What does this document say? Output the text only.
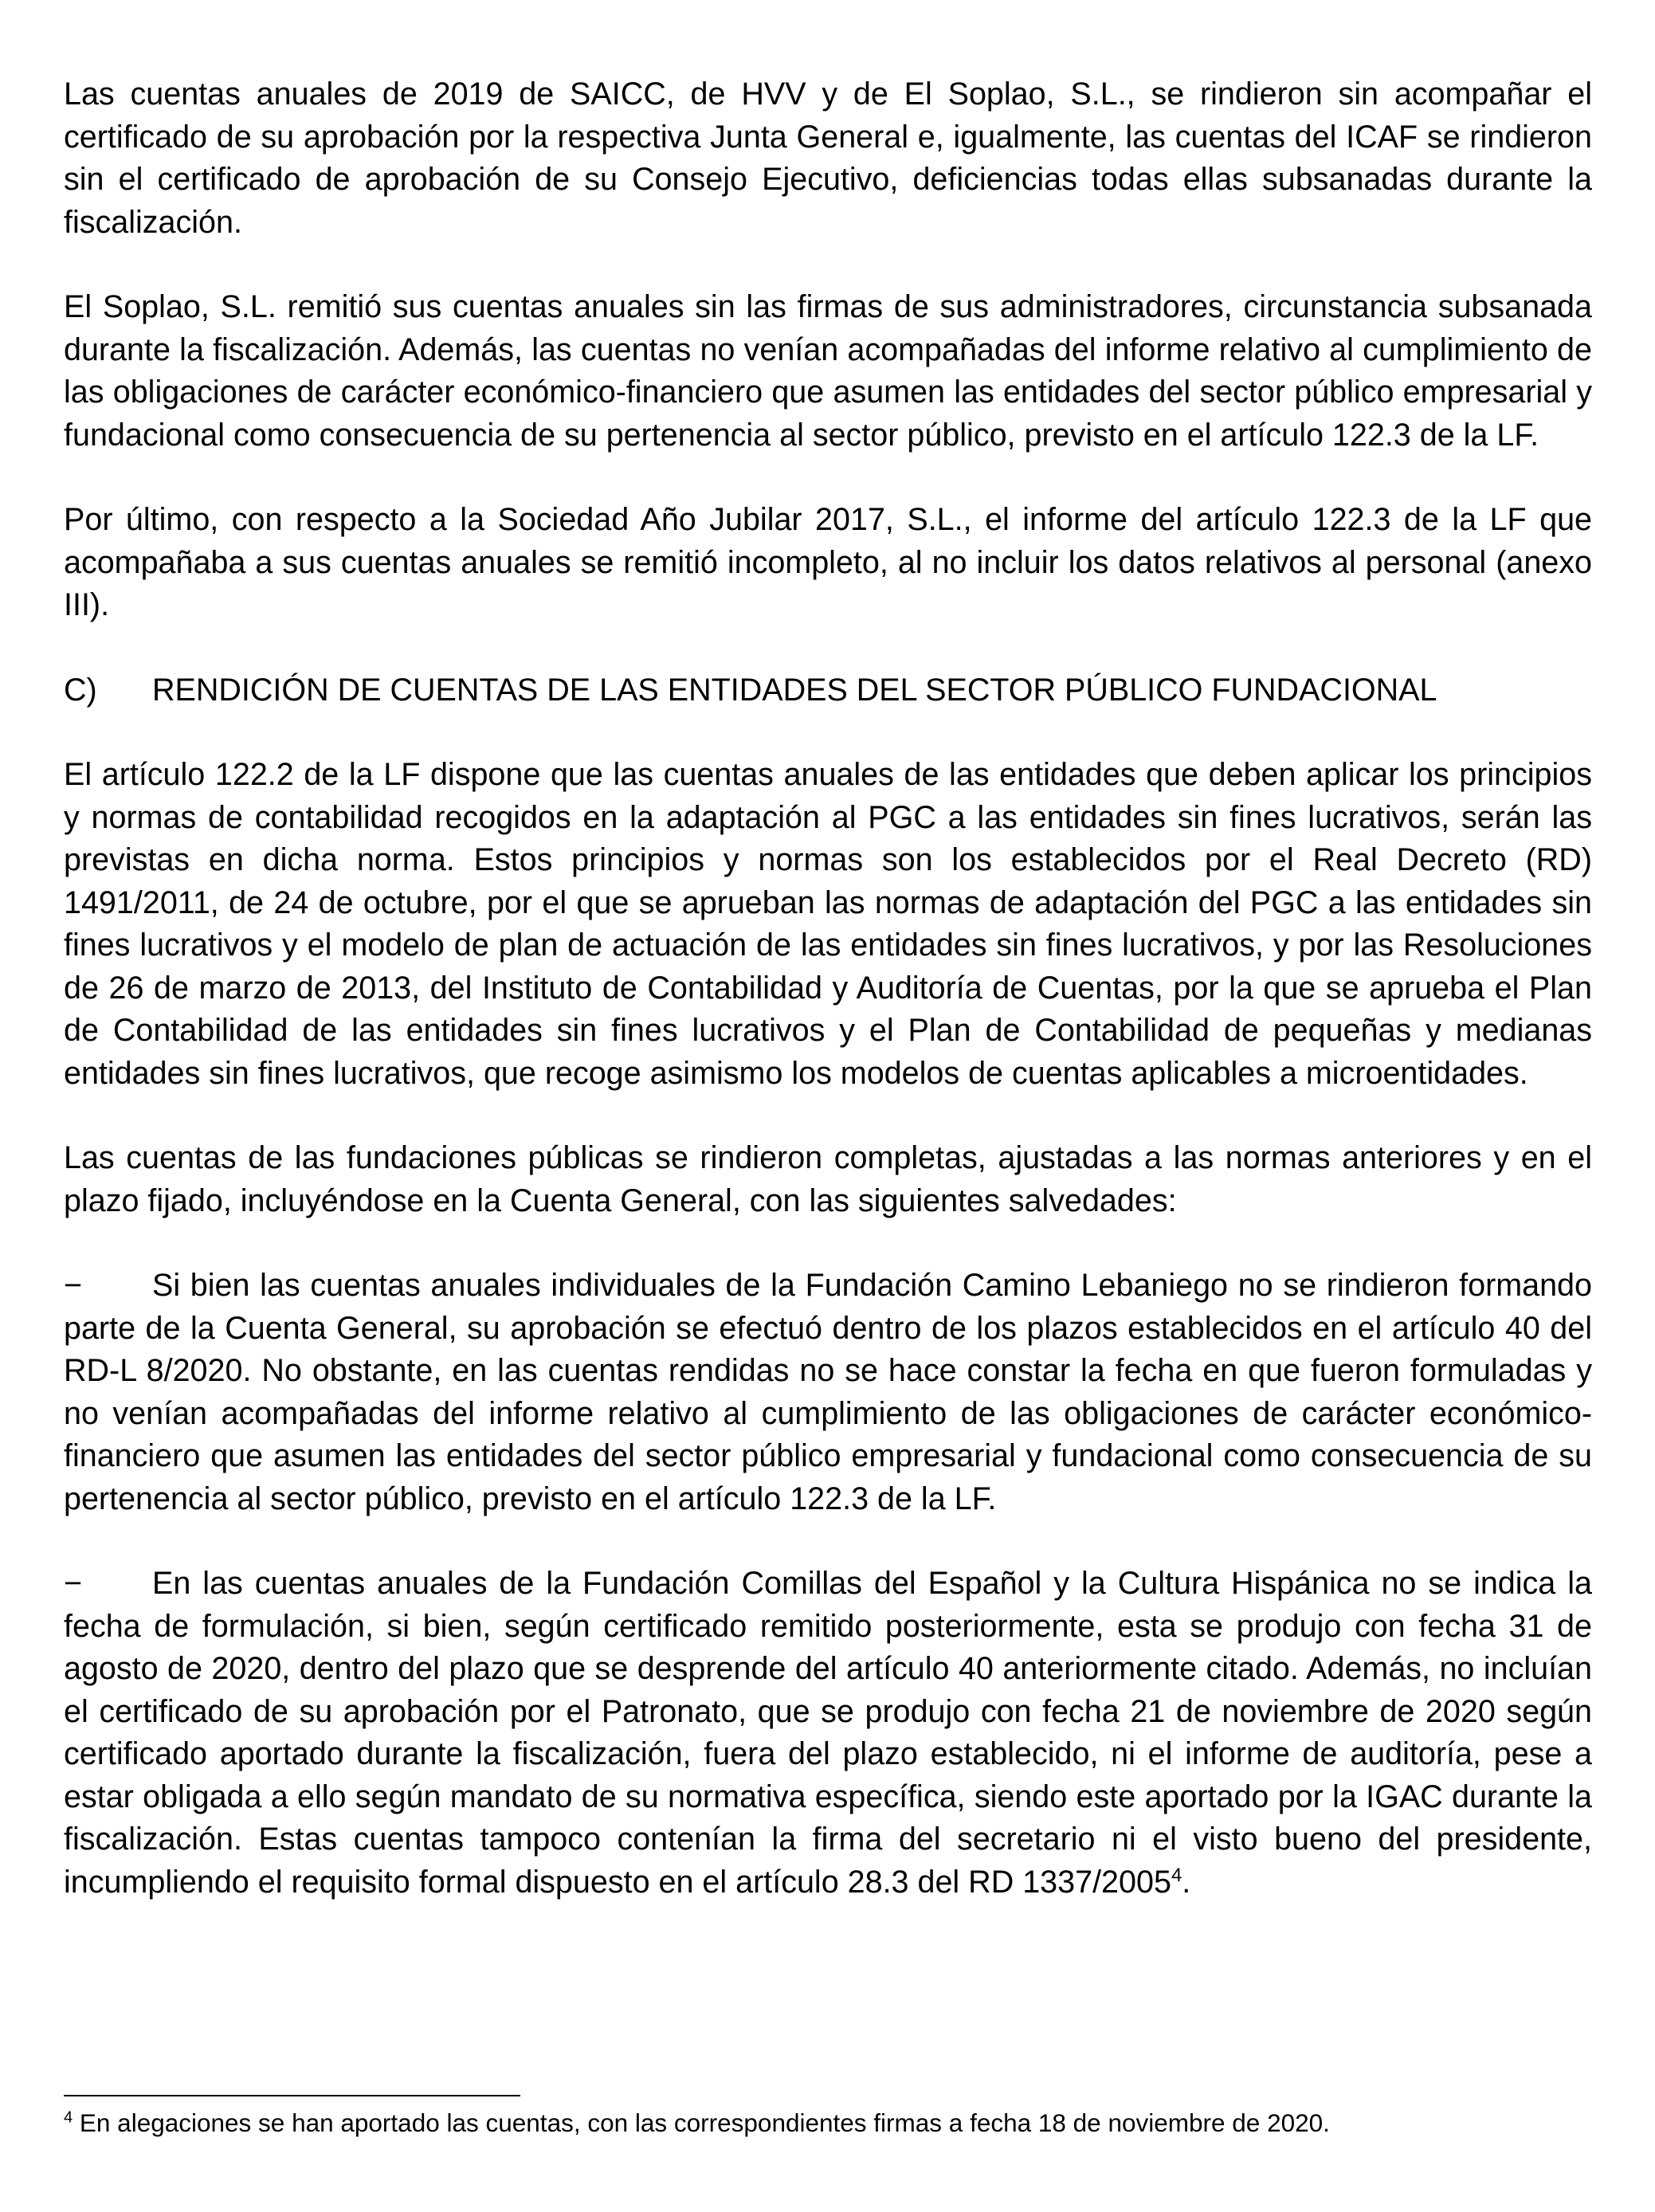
Las cuentas anuales de 2019 de SAICC, de HVV y de El Soplao, S.L., se rindieron sin acompañar el certificado de su aprobación por la respectiva Junta General e, igualmente, las cuentas del ICAF se rindieron sin el certificado de aprobación de su Consejo Ejecutivo, deficiencias todas ellas subsanadas durante la fiscalización.

El Soplao, S.L. remitió sus cuentas anuales sin las firmas de sus administradores, circunstancia subsanada durante la fiscalización. Además, las cuentas no venían acompañadas del informe relativo al cumplimiento de las obligaciones de carácter económico-financiero que asumen las entidades del sector público empresarial y fundacional como consecuencia de su pertenencia al sector público, previsto en el artículo 122.3 de la LF.

Por último, con respecto a la Sociedad Año Jubilar 2017, S.L., el informe del artículo 122.3 de la LF que acompañaba a sus cuentas anuales se remitió incompleto, al no incluir los datos relativos al personal (anexo III).

C)	RENDICIÓN DE CUENTAS DE LAS ENTIDADES DEL SECTOR PÚBLICO FUNDACIONAL

El artículo 122.2 de la LF dispone que las cuentas anuales de las entidades que deben aplicar los principios y normas de contabilidad recogidos en la adaptación al PGC a las entidades sin fines lucrativos, serán las previstas en dicha norma. Estos principios y normas son los establecidos por el Real Decreto (RD) 1491/2011, de 24 de octubre, por el que se aprueban las normas de adaptación del PGC a las entidades sin fines lucrativos y el modelo de plan de actuación de las entidades sin fines lucrativos, y por las Resoluciones de 26 de marzo de 2013, del Instituto de Contabilidad y Auditoría de Cuentas, por la que se aprueba el Plan de Contabilidad de las entidades sin fines lucrativos y el Plan de Contabilidad de pequeñas y medianas entidades sin fines lucrativos, que recoge asimismo los modelos de cuentas aplicables a microentidades.

Las cuentas de las fundaciones públicas se rindieron completas, ajustadas a las normas anteriores y en el plazo fijado, incluyéndose en la Cuenta General, con las siguientes salvedades:

− Si bien las cuentas anuales individuales de la Fundación Camino Lebaniego no se rindieron formando parte de la Cuenta General, su aprobación se efectuó dentro de los plazos establecidos en el artículo 40 del RD-L 8/2020. No obstante, en las cuentas rendidas no se hace constar la fecha en que fueron formuladas y no venían acompañadas del informe relativo al cumplimiento de las obligaciones de carácter económico-financiero que asumen las entidades del sector público empresarial y fundacional como consecuencia de su pertenencia al sector público, previsto en el artículo 122.3 de la LF.

− En las cuentas anuales de la Fundación Comillas del Español y la Cultura Hispánica no se indica la fecha de formulación, si bien, según certificado remitido posteriormente, esta se produjo con fecha 31 de agosto de 2020, dentro del plazo que se desprende del artículo 40 anteriormente citado. Además, no incluían el certificado de su aprobación por el Patronato, que se produjo con fecha 21 de noviembre de 2020 según certificado aportado durante la fiscalización, fuera del plazo establecido, ni el informe de auditoría, pese a estar obligada a ello según mandato de su normativa específica, siendo este aportado por la IGAC durante la fiscalización. Estas cuentas tampoco contenían la firma del secretario ni el visto bueno del presidente, incumpliendo el requisito formal dispuesto en el artículo 28.3 del RD 1337/2005$^4$.

$^4$ En alegaciones se han aportado las cuentas, con las correspondientes firmas a fecha 18 de noviembre de 2020.
